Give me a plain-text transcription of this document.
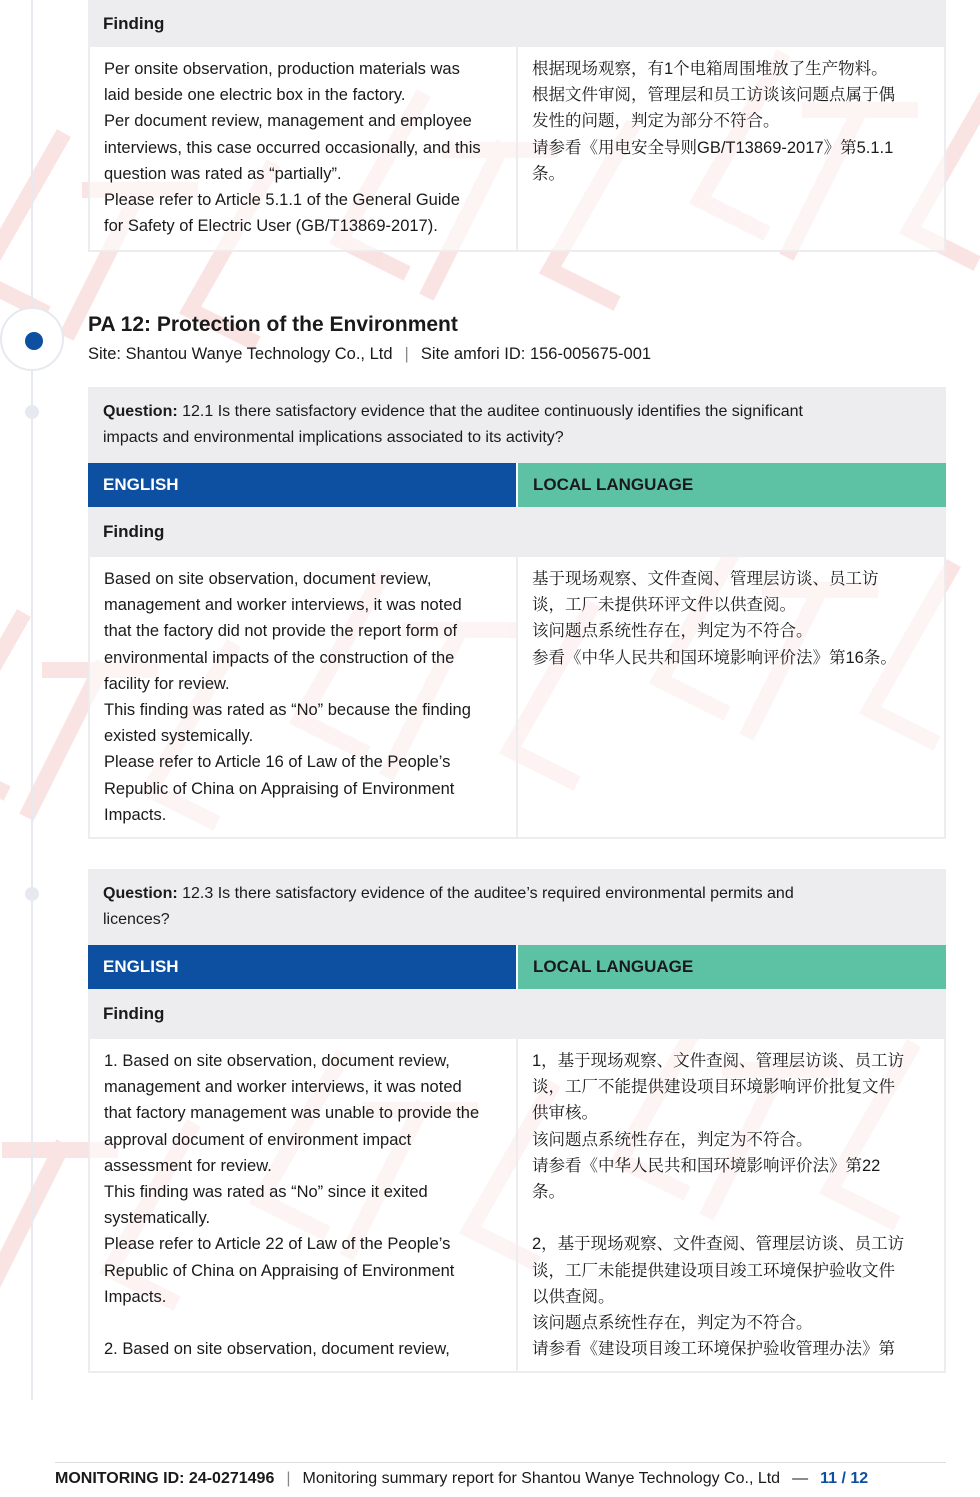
Finding

Per onsite observation, production materials was

laid beside one electric box in the factory.

Per document review, management and employee

interviews, this case occurred occasionally, and this

question was rated as “partially”.

Please refer to Article 5.1.1 of the General Guide

for Safety of Electric User (GB/T13869-2017).

根据现场观察，有1个电箱周围堆放了生产物料。

根据文件审阅，管理层和员工访谈该问题点属于偶

发性的问题，判定为部分不符合。

请参看《用电安全导则GB/T13869-2017》第5.1.1

条。

PA 12: Protection of the Environment
Site: Shantou Wanye Technology Co., Ltd | Site amfori ID: 156-005675-001
Question: 12.1 Is there satisfactory evidence that the auditee continuously identifies the significant
impacts and environmental implications associated to its activity?
ENGLISH	LOCAL LANGUAGE
Finding

Based on site observation, document review,

management and worker interviews, it was noted

that the factory did not provide the report form of

environmental impacts of the construction of the

facility for review.

This finding was rated as “No” because the finding

existed systemically.

Please refer to Article 16 of Law of the People’s

Republic of China on Appraising of Environment

Impacts.

基于现场观察、文件查阅、管理层访谈、员工访

谈，工厂未提供环评文件以供查阅。

该问题点系统性存在，判定为不符合。

参看《中华人民共和国环境影响评价法》第16条。

Question: 12.3 Is there satisfactory evidence of the auditee’s required environmental permits and
licences?
ENGLISH	LOCAL LANGUAGE
Finding

1. Based on site observation, document review,

management and worker interviews, it was noted

that factory management was unable to provide the

approval document of environment impact

assessment for review.

This finding was rated as “No” since it exited

systematically.

Please refer to Article 22 of Law of the People’s

Republic of China on Appraising of Environment

Impacts.

2. Based on site observation, document review,

1，基于现场观察、文件查阅、管理层访谈、员工访

谈，工厂不能提供建设项目环境影响评价批复文件

供审核。

该问题点系统性存在，判定为不符合。

请参看《中华人民共和国环境影响评价法》第22

条。

2，基于现场观察、文件查阅、管理层访谈、员工访

谈，工厂未能提供建设项目竣工环境保护验收文件

以供查阅。

该问题点系统性存在，判定为不符合。

请参看《建设项目竣工环境保护验收管理办法》第

MONITORING ID: 24-0271496 | Monitoring summary report for Shantou Wanye Technology Co., Ltd — 11 / 12
